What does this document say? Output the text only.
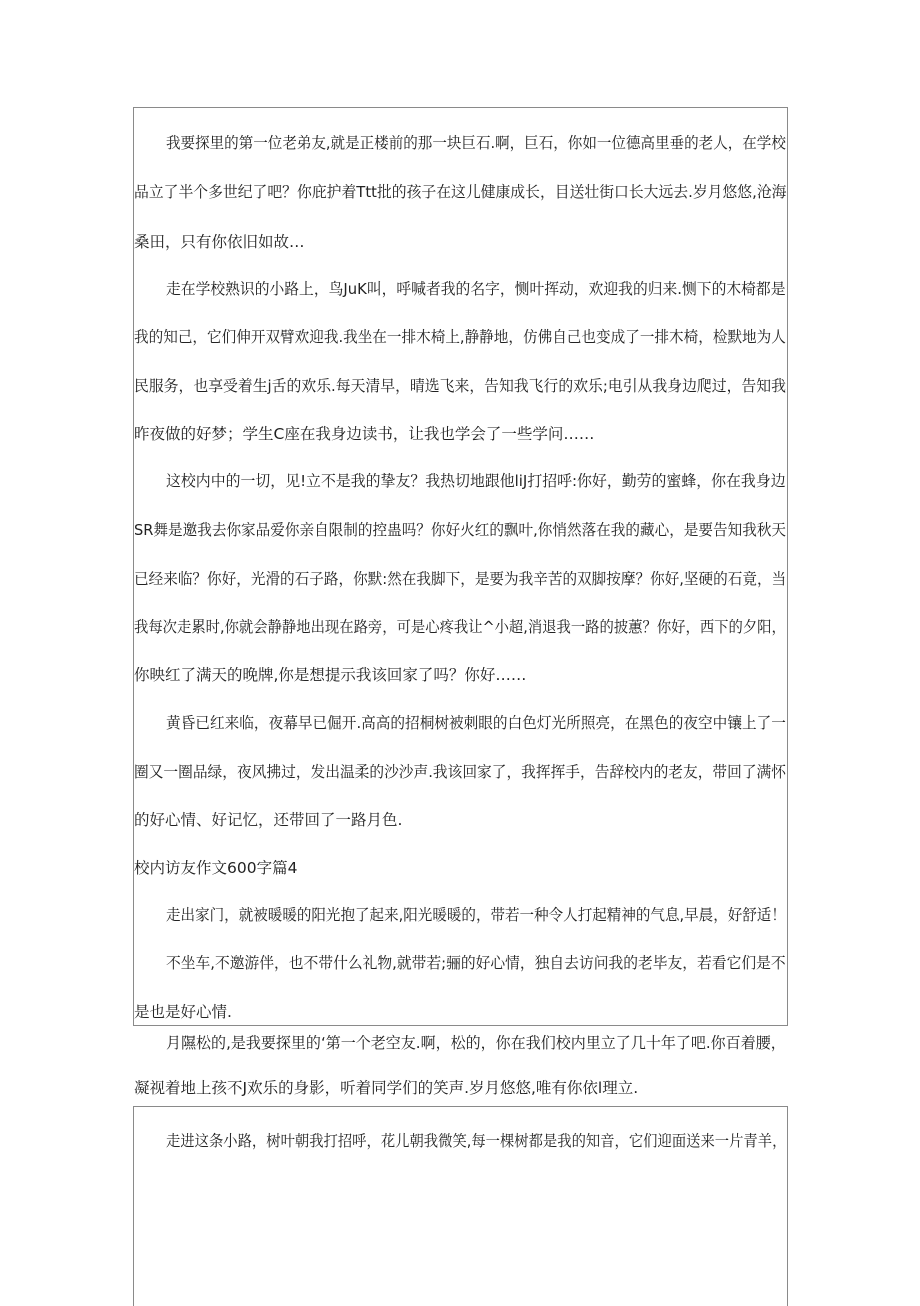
我要探里的第一位老弟友,就是正楼前的那一块巨石.啊，巨石，你如一位德高里垂的老人，在学校
品立了半个多世纪了吧？你庇护着Ttt批的孩子在这儿健康成长，目送壮街口长大远去.岁月悠悠,沧海
桑田，只有你依旧如故…
走在学校熟识的小路上，鸟JuK叫，呼喊者我的名字，恻叶挥动，欢迎我的归来.恻下的木椅都是
我的知己，它们伸开双臂欢迎我.我坐在一排木椅上,静静地，仿佛自己也变成了一排木椅，检默地为人
民服务，也享受着生j舌的欢乐.每天清早，晴选飞来，告知我飞行的欢乐;电引从我身边爬过，告知我
昨夜做的好梦；学生C座在我身边读书，让我也学会了一些学问……
这校内中的一切，见!立不是我的挚友？我热切地跟他liJ打招呼:你好，勤劳的蜜蜂，你在我身边
SR舞是邀我去你家品爱你亲自限制的控蛊吗？你好火红的飘叶,你悄然落在我的藏心，是要告知我秋天
已经来临？你好，光滑的石子路，你默:然在我脚下，是要为我辛苦的双脚按摩？你好,坚硬的石竟，当
我每次走累时,你就会静静地出现在路旁，可是心疼我让^小超,消退我一路的披蕙？你好，西下的夕阳，
你映红了满天的晚牌,你是想提示我该回家了吗？你好……
黄昏已红来临，夜幕早已倔开.高高的招桐树被刺眼的白色灯光所照亮，在黑色的夜空中镶上了一
圈又一圈品绿，夜风拂过，发出温柔的沙沙声.我该回家了，我挥挥手，告辞校内的老友，带回了满怀
的好心情、好记忆，还带回了一路月色.
校内访友作文600字篇4
走出家门，就被暖暖的阳光抱了起来,阳光暖暖的，带若一种令人打起精神的气息,早晨，好舒适！
不坐车,不邀游伴，也不带什么礼物,就带若;骊的好心情，独自去访问我的老毕友，若看它们是不
是也是好心情.
月隰松的,是我要探里的‘第一个老空友.啊，松的，你在我们校内里立了几十年了吧.你百着腰，
凝视着地上孩不J欢乐的身影，听着同学们的笑声.岁月悠悠,唯有你依l理立.
走进这条小路，树叶朝我打招呼，花儿朝我微笑,每一棵树都是我的知音，它们迎面送来一片青羊，
